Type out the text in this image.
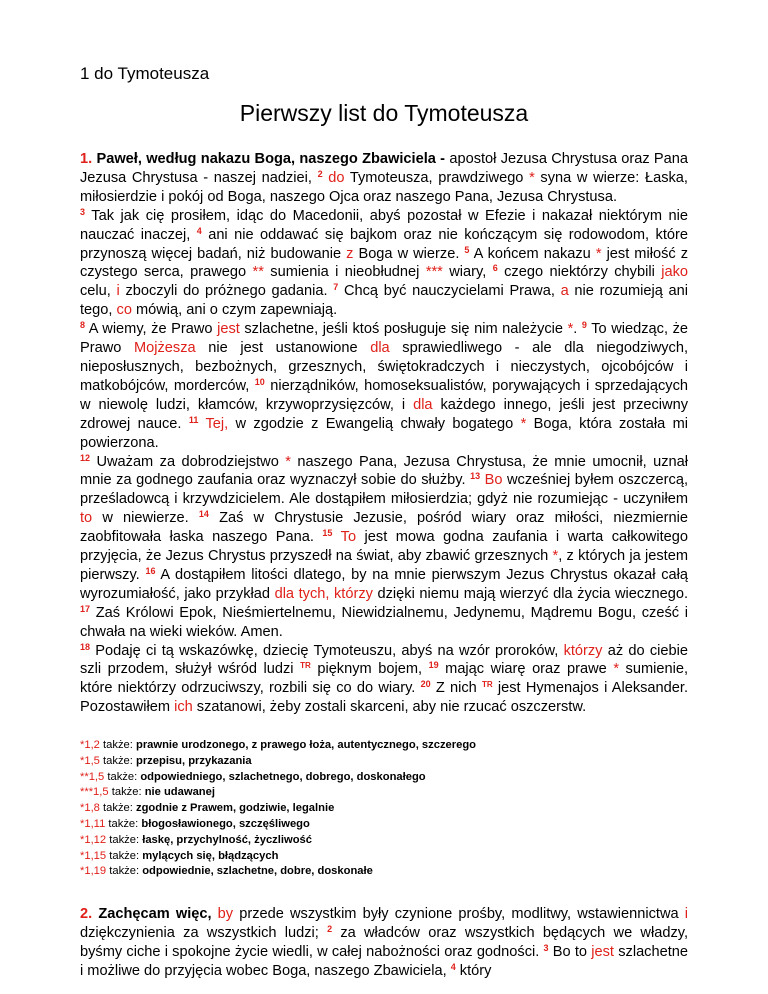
1 do Tymoteusza
Pierwszy list do Tymoteusza
1. Paweł, według nakazu Boga, naszego Zbawiciela - apostoł Jezusa Chrystusa oraz Pana Jezusa Chrystusa - naszej nadziei, $^2$ do Tymoteusza, prawdziwego * syna w wierze: Łaska, miłosierdzie i pokój od Boga, naszego Ojca oraz naszego Pana, Jezusa Chrystusa.
$^3$ Tak jak cię prosiłem, idąc do Macedonii, abyś pozostał w Efezie i nakazał niektórym nie nauczać inaczej, $^4$ ani nie oddawać się bajkom oraz nie kończącym się rodowodom, które przynoszą więcej badań, niż budowanie z Boga w wierze. $^5$ A końcem nakazu * jest miłość z czystego serca, prawego ** sumienia i nieobłudnej *** wiary, $^6$ czego niektórzy chybili jako celu, i zboczyli do próżnego gadania. $^7$ Chcą być nauczycielami Prawa, a nie rozumieją ani tego, co mówią, ani o czym zapewniają.
$^8$ A wiemy, że Prawo jest szlachetne, jeśli ktoś posługuje się nim należycie *. $^9$ To wiedząc, że Prawo Mojżesza nie jest ustanowione dla sprawiedliwego - ale dla niegodziwych, nieposłusznych, bezbożnych, grzesznych, świętokradczych i nieczystych, ojcobójców i matkobójców, morderców, $^{10}$ nierządników, homoseksualistów, porywających i sprzedających w niewolę ludzi, kłamców, krzywoprzysięzców, i dla każdego innego, jeśli jest przeciwny zdrowej nauce. $^{11}$ Tej, w zgodzie z Ewangelią chwały bogatego * Boga, która została mi powierzona.
$^{12}$ Uważam za dobrodziejstwo * naszego Pana, Jezusa Chrystusa, że mnie umocnił, uznał mnie za godnego zaufania oraz wyznaczył sobie do służby. $^{13}$ Bo wcześniej byłem oszczercą, prześladowcą i krzywdzicielem. Ale dostąpiłem miłosierdzia; gdyż nie rozumiejąc - uczyniłem to w niewierze. $^{14}$ Zaś w Chrystusie Jezusie, pośród wiary oraz miłości, niezmiernie zaobfitowała łaska naszego Pana. $^{15}$ To jest mowa godna zaufania i warta całkowitego przyjęcia, że Jezus Chrystus przyszedł na świat, aby zbawić grzesznych *, z których ja jestem pierwszy. $^{16}$ A dostąpiłem litości dlatego, by na mnie pierwszym Jezus Chrystus okazał całą wyrozumiałość, jako przykład dla tych, którzy dzięki niemu mają wierzyć dla życia wiecznego. $^{17}$ Zaś Królowi Epok, Nieśmiertelnemu, Niewidzialnemu, Jedynemu, Mądremu Bogu, cześć i chwała na wieki wieków. Amen.
$^{18}$ Podaję ci tą wskazówkę, dziecię Tymoteuszu, abyś na wzór proroków, którzy aż do ciebie szli przodem, służył wśród ludzi $^{TR}$ pięknym bojem, $^{19}$ mając wiarę oraz prawe * sumienie, które niektórzy odrzuciwszy, rozbili się co do wiary. $^{20}$ Z nich $^{TR}$ jest Hymenajos i Aleksander. Pozostawiłem ich szatanowi, żeby zostali skarceni, aby nie rzucać oszczerstw.
*1,2 także: prawnie urodzonego, z prawego łoża, autentycznego, szczerego
*1,5 także: przepisu, przykazania
**1,5 także: odpowiedniego, szlachetnego, dobrego, doskonałego
***1,5 także: nie udawanej
*1,8 także: zgodnie z Prawem, godziwie, legalnie
*1,11 także: błogosławionego, szczęśliwego
*1,12 także: łaskę, przychylność, życzliwość
*1,15 także: mylących się, błądzących
*1,19 także: odpowiednie, szlachetne, dobre, doskonałe
2. Zachęcam więc, by przede wszystkim były czynione prośby, modlitwy, wstawiennictwa i dziękczynienia za wszystkich ludzi; $^2$ za władców oraz wszystkich będących we władzy, byśmy ciche i spokojne życie wiedli, w całej nabożności oraz godności. $^3$ Bo to jest szlachetne i możliwe do przyjęcia wobec Boga, naszego Zbawiciela, $^4$ który
